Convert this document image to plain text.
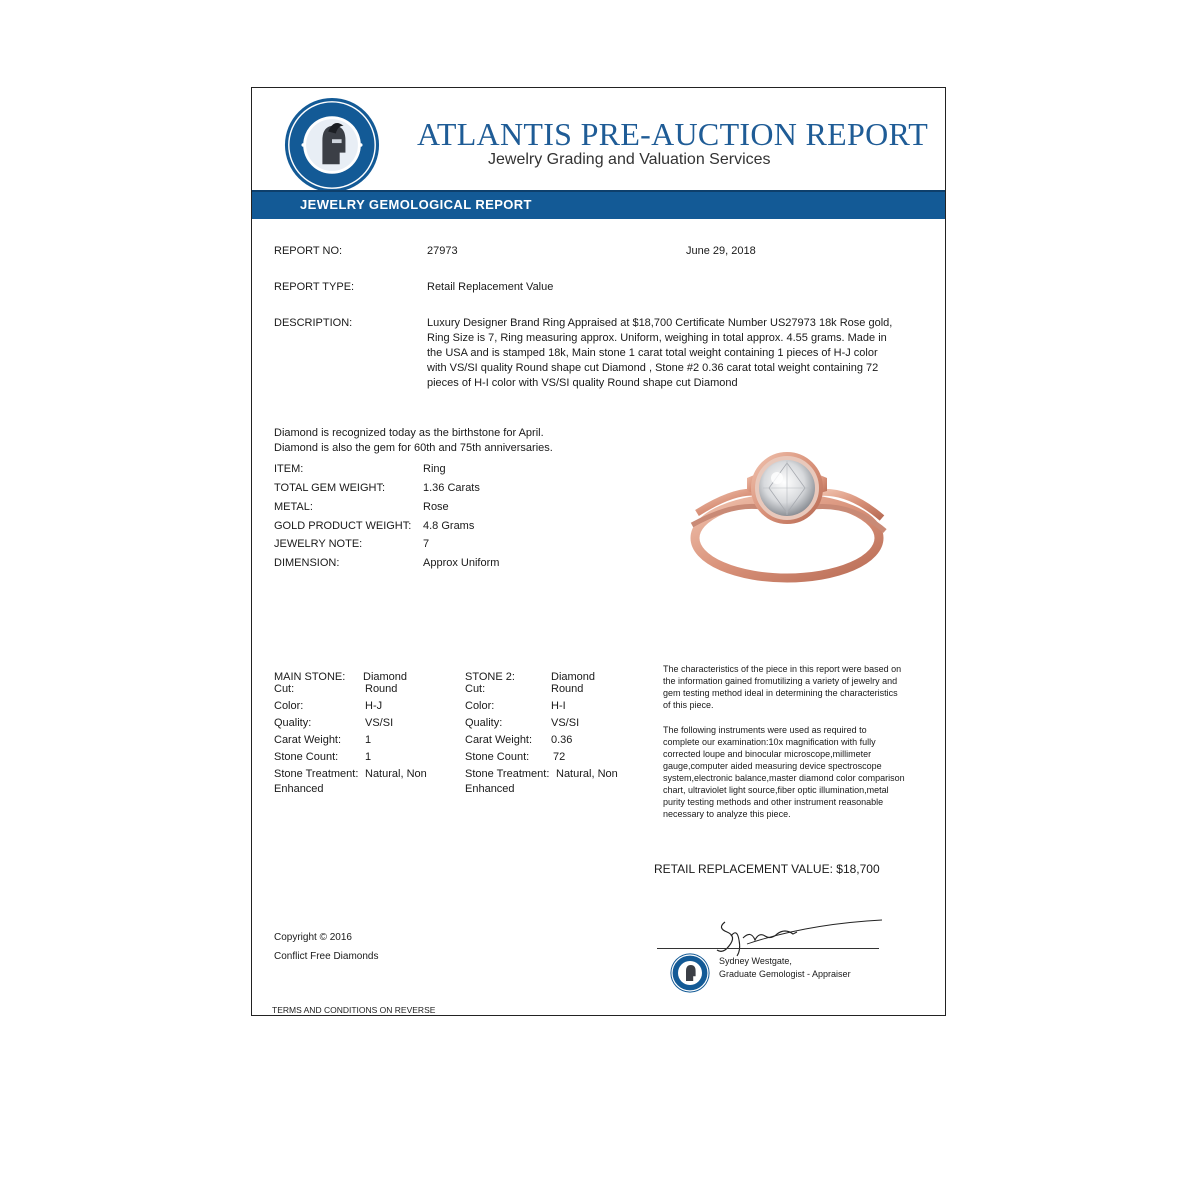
ATLANTIS PRE-AUCTION REPORT
Jewelry Grading and Valuation Services
JEWELRY GEMOLOGICAL REPORT
REPORT NO:	27973	June 29, 2018
REPORT TYPE:	Retail Replacement Value
DESCRIPTION:	Luxury Designer Brand Ring Appraised at $18,700 Certificate Number US27973 18k Rose gold,
Ring Size is 7, Ring measuring approx. Uniform, weighing in total approx. 4.55 grams. Made in
the USA and is stamped 18k, Main stone 1 carat total weight containing 1 pieces of H-J color
with VS/SI quality Round shape cut Diamond , Stone #2 0.36 carat total weight containing 72
pieces of H-I color with VS/SI quality Round shape cut Diamond
Diamond is recognized today as the birthstone for April.
Diamond is also the gem for 60th and 75th anniversaries.
ITEM:	Ring
TOTAL GEM WEIGHT:	1.36 Carats
METAL:	Rose
GOLD PRODUCT WEIGHT: 4.8 Grams
JEWELRY NOTE:	7
DIMENSION:	Approx Uniform
MAIN STONE: Diamond
Cut:	Round
Color:	H-J
Quality:	VS/SI
Carat Weight: 1
Stone Count: 1
Stone Treatment: Natural, Non
Enhanced
STONE 2:	Diamond
Cut:	Round
Color:	H-I
Quality:	VS/SI
Carat Weight: 0.36
Stone Count: 72
Stone Treatment: Natural, Non
Enhanced
The characteristics of the piece in this report were based on
the information gained fromutilizing a variety of jewelry and
gem testing method ideal in determining the characteristics
of this piece.
The following instruments were used as required to
complete our examination:10x magnification with fully
corrected loupe and binocular microscope,millimeter
gauge,computer aided measuring device spectroscope
system,electronic balance,master diamond color comparison
chart, ultraviolet light source,fiber optic illumination,metal
purity testing methods and other instrument reasonable
necessary to analyze this piece.
RETAIL REPLACEMENT VALUE: $18,700
Sydney Westgate,
Graduate Gemologist - Appraiser
Copyright © 2016
Conflict Free Diamonds
TERMS AND CONDITIONS ON REVERSE
